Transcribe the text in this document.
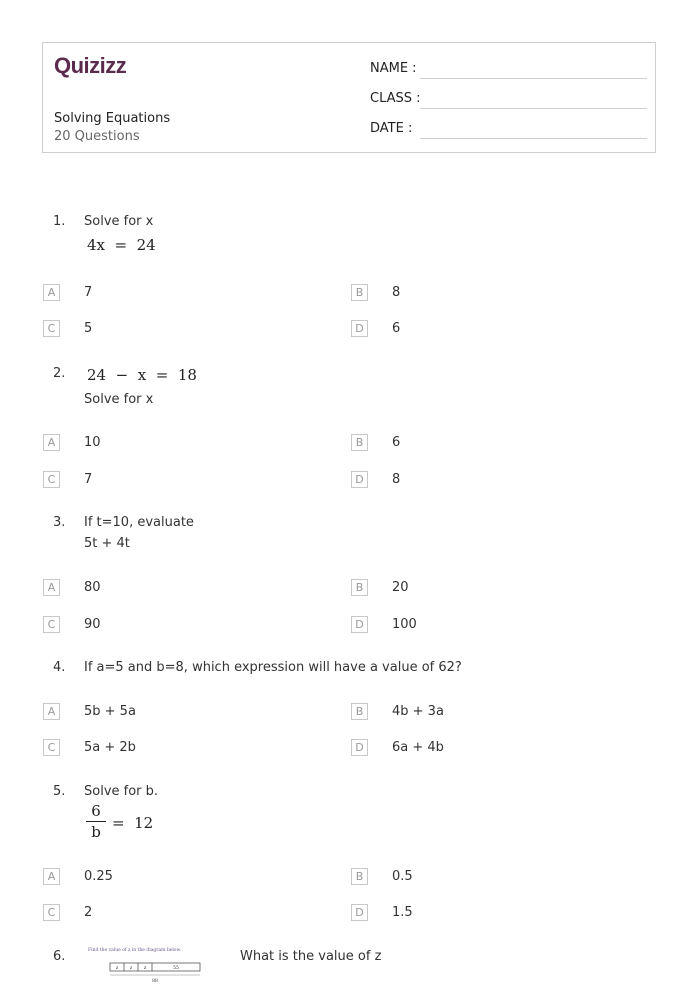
Quizizz
Solving Equations
20 Questions
NAME :
CLASS :
DATE :
1. Solve for x
4x  =  24
A	7	B	8
C	5	D	6
2. 24  −  x  =  18
Solve for x
A	10	B	6
C	7	D	8
3. If t=10, evaluate
5t + 4t
A	80	B	20
C	90	D	100
4. If a=5 and b=8, which expression will have a value of 62?
A	5b + 5a	B	4b + 3a
C	5a + 2b	D	6a + 4b
5. Solve for b.
6
b =  12
A	0.25	B	0.5
C	2	D	1.5
6.	Find the value of z in the diagram below.
z	z	z	55
88
What is the value of z
